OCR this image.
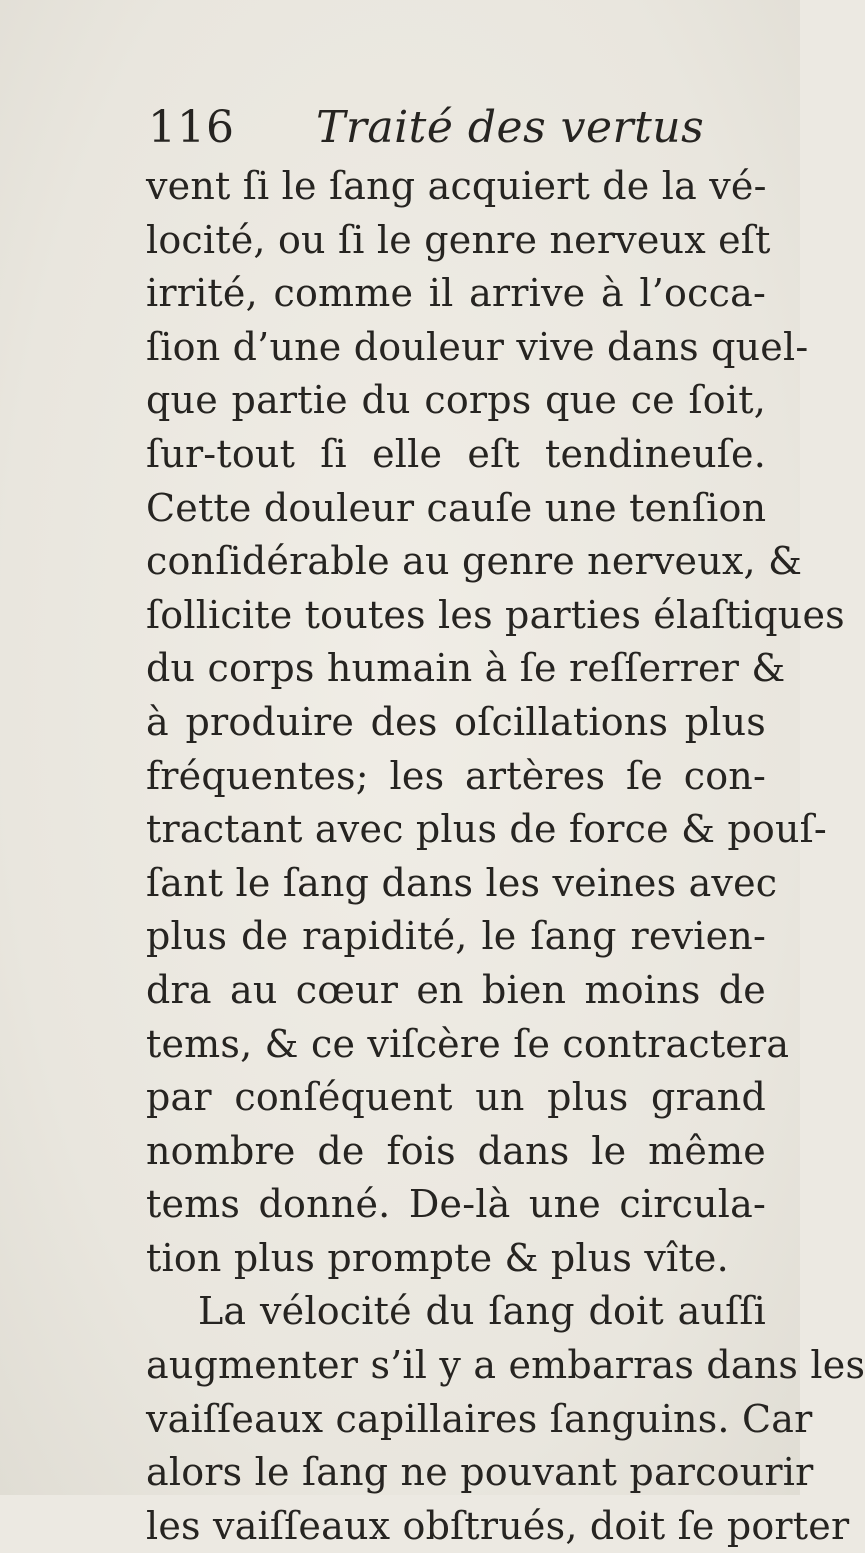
116 Traité des vertus
vent ſi le ſang acquiert de la vé-
locité, ou ſi le genre nerveux eſt
irrité, comme il arrive à l’occa-
ſion d’une douleur vive dans quel-
que partie du corps que ce ſoit,
ſur-tout ſi elle eſt tendineuſe.
Cette douleur cauſe une tenſion
conſidérable au genre nerveux, &
ſollicite toutes les parties élaſtiques
du corps humain à ſe reſſerrer &
à produire des oſcillations plus
fréquentes; les artères ſe con-
tractant avec plus de force & pouſ-
ſant le ſang dans les veines avec
plus de rapidité, le ſang revien-
dra au cœur en bien moins de
tems, & ce viſcère ſe contractera
par conſéquent un plus grand
nombre de fois dans le même
tems donné. De-là une circula-
tion plus prompte & plus vîte.
La vélocité du ſang doit auſſi
augmenter s’il y a embarras dans les
vaiſſeaux capillaires ſanguins. Car
alors le ſang ne pouvant parcourir
les vaiſſeaux obſtrués, doit ſe porter
